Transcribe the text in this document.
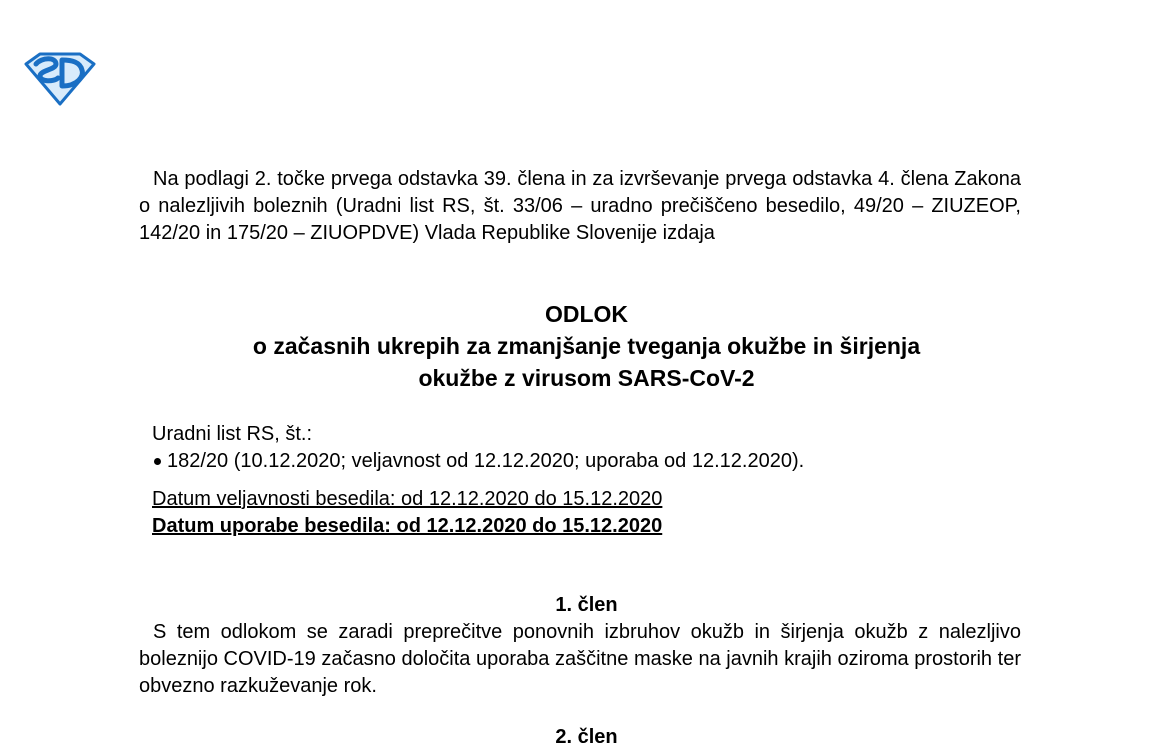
Na podlagi 2. točke prvega odstavka 39. člena in za izvrševanje prvega odstavka 4. člena Zakona o nalezljivih boleznih (Uradni list RS, št. 33/06 – uradno prečiščeno besedilo, 49/20 – ZIUZEOP, 142/20 in 175/20 – ZIUOPDVE) Vlada Republike Slovenije izdaja

ODLOK
o začasnih ukrepih za zmanjšanje tveganja okužbe in širjenja
okužbe z virusom SARS-CoV-2
Uradni list RS, št.:
182/20 (10.12.2020; veljavnost od 12.12.2020; uporaba od 12.12.2020).
Datum veljavnosti besedila: od 12.12.2020 do 15.12.2020
Datum uporabe besedila: od 12.12.2020 do 15.12.2020
1. člen

S tem odlokom se zaradi preprečitve ponovnih izbruhov okužb in širjenja okužb z nalezljivo boleznijo COVID-19 začasno določita uporaba zaščitne maske na javnih krajih oziroma prostorih ter obvezno razkuževanje rok.

2. člen
